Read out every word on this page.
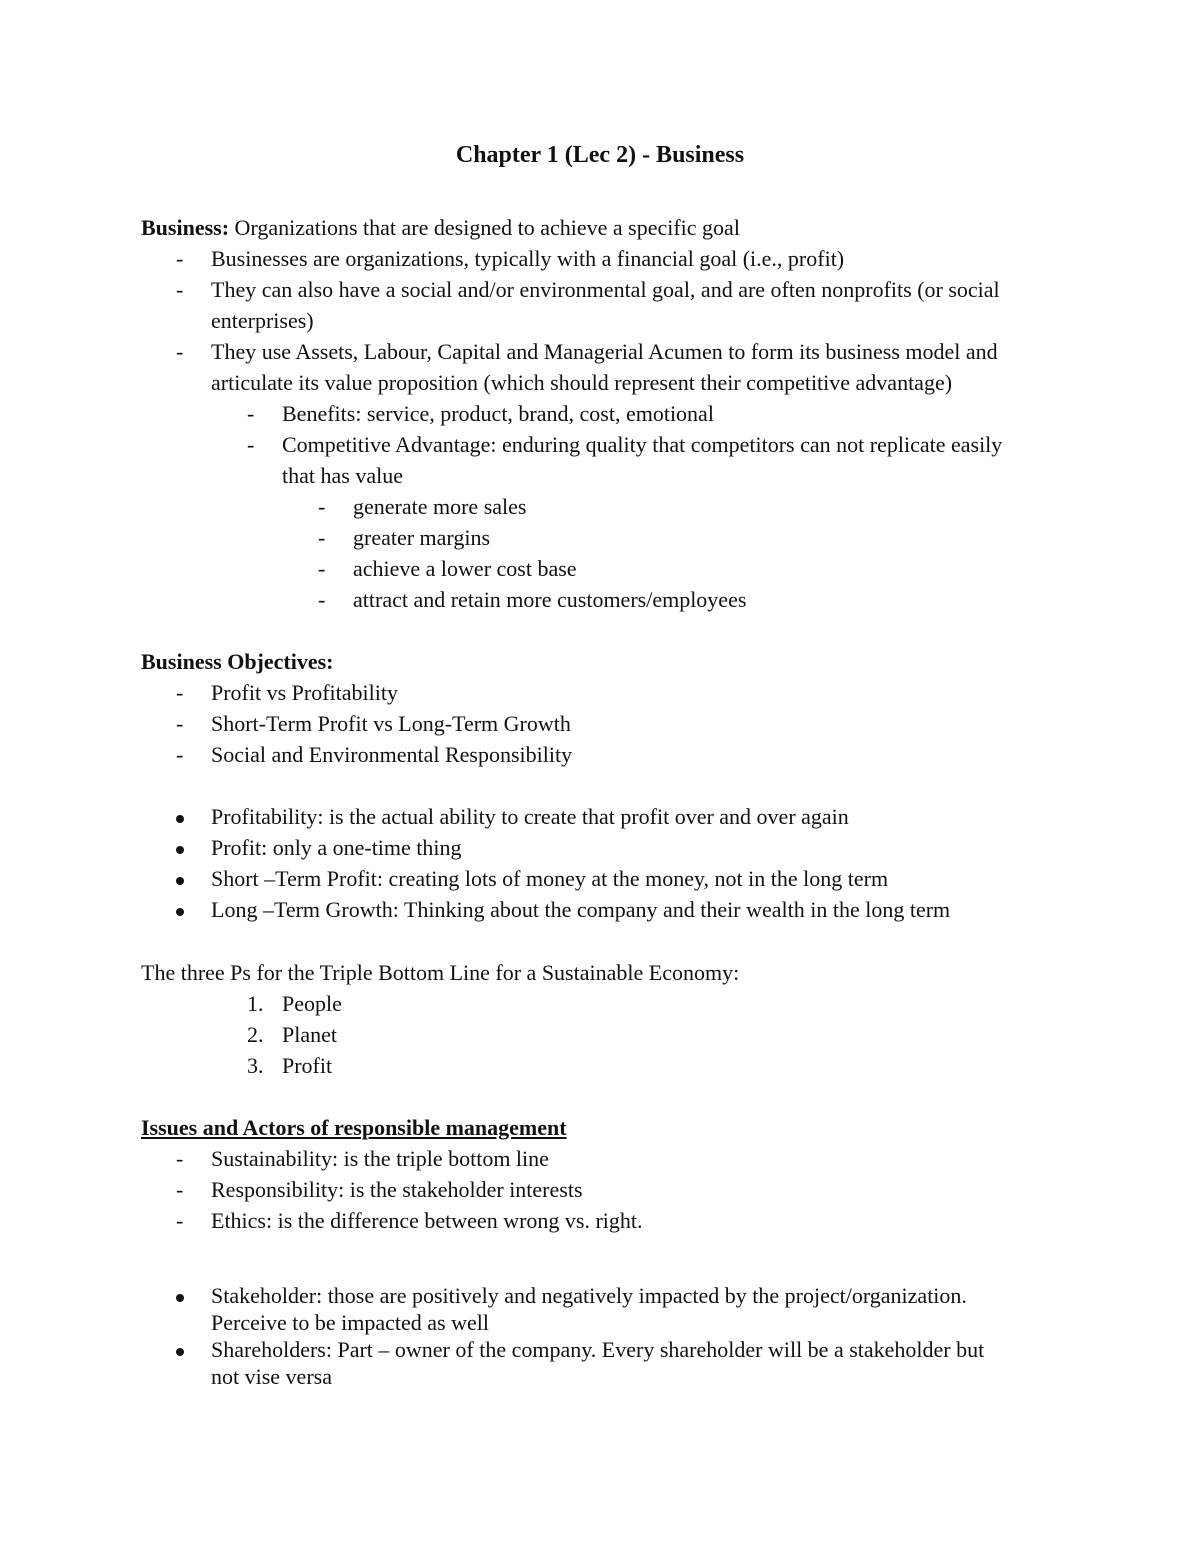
Chapter 1 (Lec 2) - Business
Business: Organizations that are designed to achieve a specific goal
- Businesses are organizations, typically with a financial goal (i.e., profit)
- They can also have a social and/or environmental goal, and are often nonprofits (or social
enterprises)
- They use Assets, Labour, Capital and Managerial Acumen to form its business model and
articulate its value proposition (which should represent their competitive advantage)
- Benefits: service, product, brand, cost, emotional
- Competitive Advantage: enduring quality that competitors can not replicate easily
that has value
- generate more sales
- greater margins
- achieve a lower cost base
- attract and retain more customers/employees
Business Objectives:
- Profit vs Profitability
- Short-Term Profit vs Long-Term Growth
- Social and Environmental Responsibility
Profitability: is the actual ability to create that profit over and over again
Profit: only a one-time thing
Short –Term Profit: creating lots of money at the money, not in the long term
Long –Term Growth: Thinking about the company and their wealth in the long term
The three Ps for the Triple Bottom Line for a Sustainable Economy:
1. People
2. Planet
3. Profit
Issues and Actors of responsible management
- Sustainability: is the triple bottom line
- Responsibility: is the stakeholder interests
- Ethics: is the difference between wrong vs. right.
Stakeholder: those are positively and negatively impacted by the project/organization.
Perceive to be impacted as well
Shareholders: Part – owner of the company. Every shareholder will be a stakeholder but
not vise versa
